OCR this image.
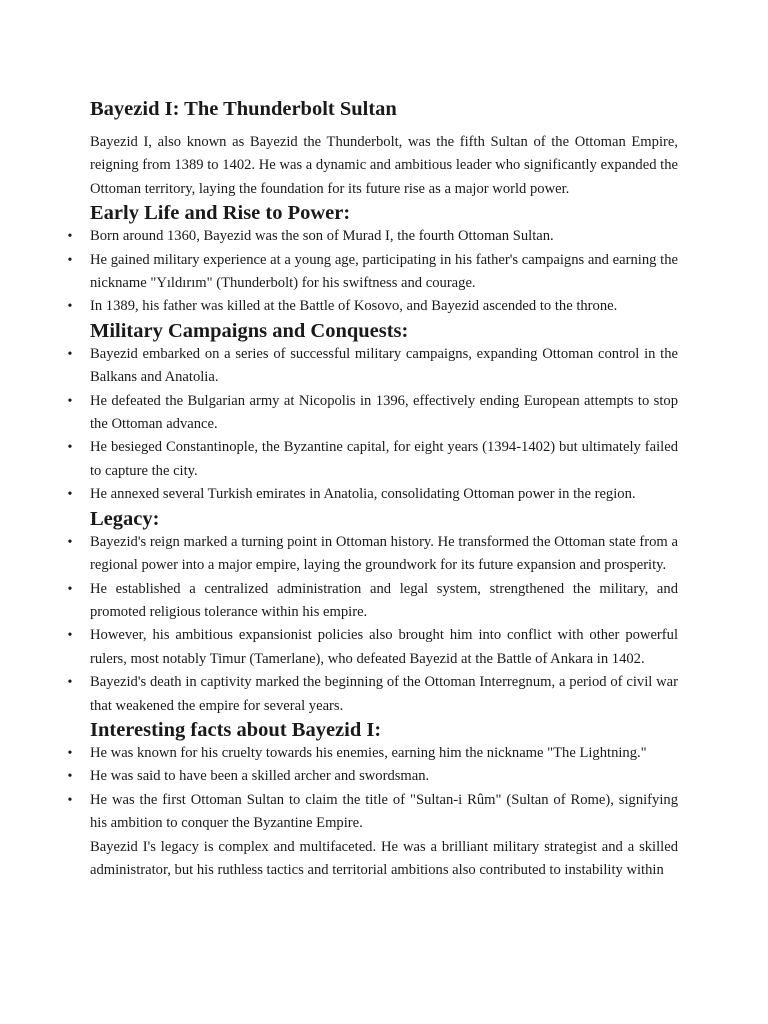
Bayezid I: The Thunderbolt Sultan

Bayezid I, also known as Bayezid the Thunderbolt, was the fifth Sultan of the Ottoman Empire, reigning from 1389 to 1402. He was a dynamic and ambitious leader who significantly expanded the Ottoman territory, laying the foundation for its future rise as a major world power.

Early Life and Rise to Power:
• Born around 1360, Bayezid was the son of Murad I, the fourth Ottoman Sultan.
• He gained military experience at a young age, participating in his father's campaigns and earning the nickname "Yıldırım" (Thunderbolt) for his swiftness and courage.
• In 1389, his father was killed at the Battle of Kosovo, and Bayezid ascended to the throne.
Military Campaigns and Conquests:
• Bayezid embarked on a series of successful military campaigns, expanding Ottoman control in the Balkans and Anatolia.
• He defeated the Bulgarian army at Nicopolis in 1396, effectively ending European attempts to stop the Ottoman advance.
• He besieged Constantinople, the Byzantine capital, for eight years (1394-1402) but ultimately failed to capture the city.
• He annexed several Turkish emirates in Anatolia, consolidating Ottoman power in the region.
Legacy:
• Bayezid's reign marked a turning point in Ottoman history. He transformed the Ottoman state from a regional power into a major empire, laying the groundwork for its future expansion and prosperity.
• He established a centralized administration and legal system, strengthened the military, and promoted religious tolerance within his empire.
• However, his ambitious expansionist policies also brought him into conflict with other powerful rulers, most notably Timur (Tamerlane), who defeated Bayezid at the Battle of Ankara in 1402.
• Bayezid's death in captivity marked the beginning of the Ottoman Interregnum, a period of civil war that weakened the empire for several years.
Interesting facts about Bayezid I:
• He was known for his cruelty towards his enemies, earning him the nickname "The Lightning."
• He was said to have been a skilled archer and swordsman.
• He was the first Ottoman Sultan to claim the title of "Sultan-i Rûm" (Sultan of Rome), signifying his ambition to conquer the Byzantine Empire.

Bayezid I's legacy is complex and multifaceted. He was a brilliant military strategist and a skilled administrator, but his ruthless tactics and territorial ambitions also contributed to instability within
